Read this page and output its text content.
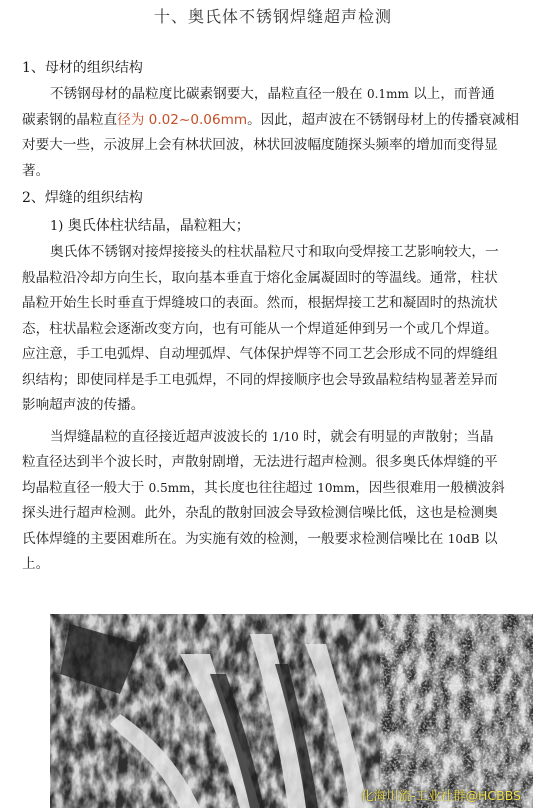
十、奥氏体不锈钢焊缝超声检测
1、母材的组织结构
不锈钢母材的晶粒度比碳素钢要大，晶粒直径一般在 0.1mm 以上，而普通
碳素钢的晶粒直径为 0.02~0.06mm。因此，超声波在不锈钢母材上的传播衰减相
对要大一些，示波屏上会有林状回波，林状回波幅度随探头频率的增加而变得显
著。
2、焊缝的组织结构
1) 奥氏体柱状结晶，晶粒粗大；
奥氏体不锈钢对接焊接接头的柱状晶粒尺寸和取向受焊接工艺影响较大，一
般晶粒沿冷却方向生长，取向基本垂直于熔化金属凝固时的等温线。通常，柱状
晶粒开始生长时垂直于焊缝坡口的表面。然而，根据焊接工艺和凝固时的热流状
态，柱状晶粒会逐渐改变方向，也有可能从一个焊道延伸到另一个或几个焊道。
应注意，手工电弧焊、自动埋弧焊、气体保护焊等不同工艺会形成不同的焊缝组
织结构；即使同样是手工电弧焊，不同的焊接顺序也会导致晶粒结构显著差异而
影响超声波的传播。
当焊缝晶粒的直径接近超声波波长的 1/10 时，就会有明显的声散射；当晶
粒直径达到半个波长时，声散射剧增，无法进行超声检测。很多奥氏体焊缝的平
均晶粒直径一般大于 0.5mm，其长度也往往超过 10mm，因些很难用一般横波斜
探头进行超声检测。此外，杂乱的散射回波会导致检测信噪比低，这也是检测奥
氏体焊缝的主要困难所在。为实施有效的检测，一般要求检测信噪比在 10dB 以
上。
化海川流-工业社群@HCBBS
